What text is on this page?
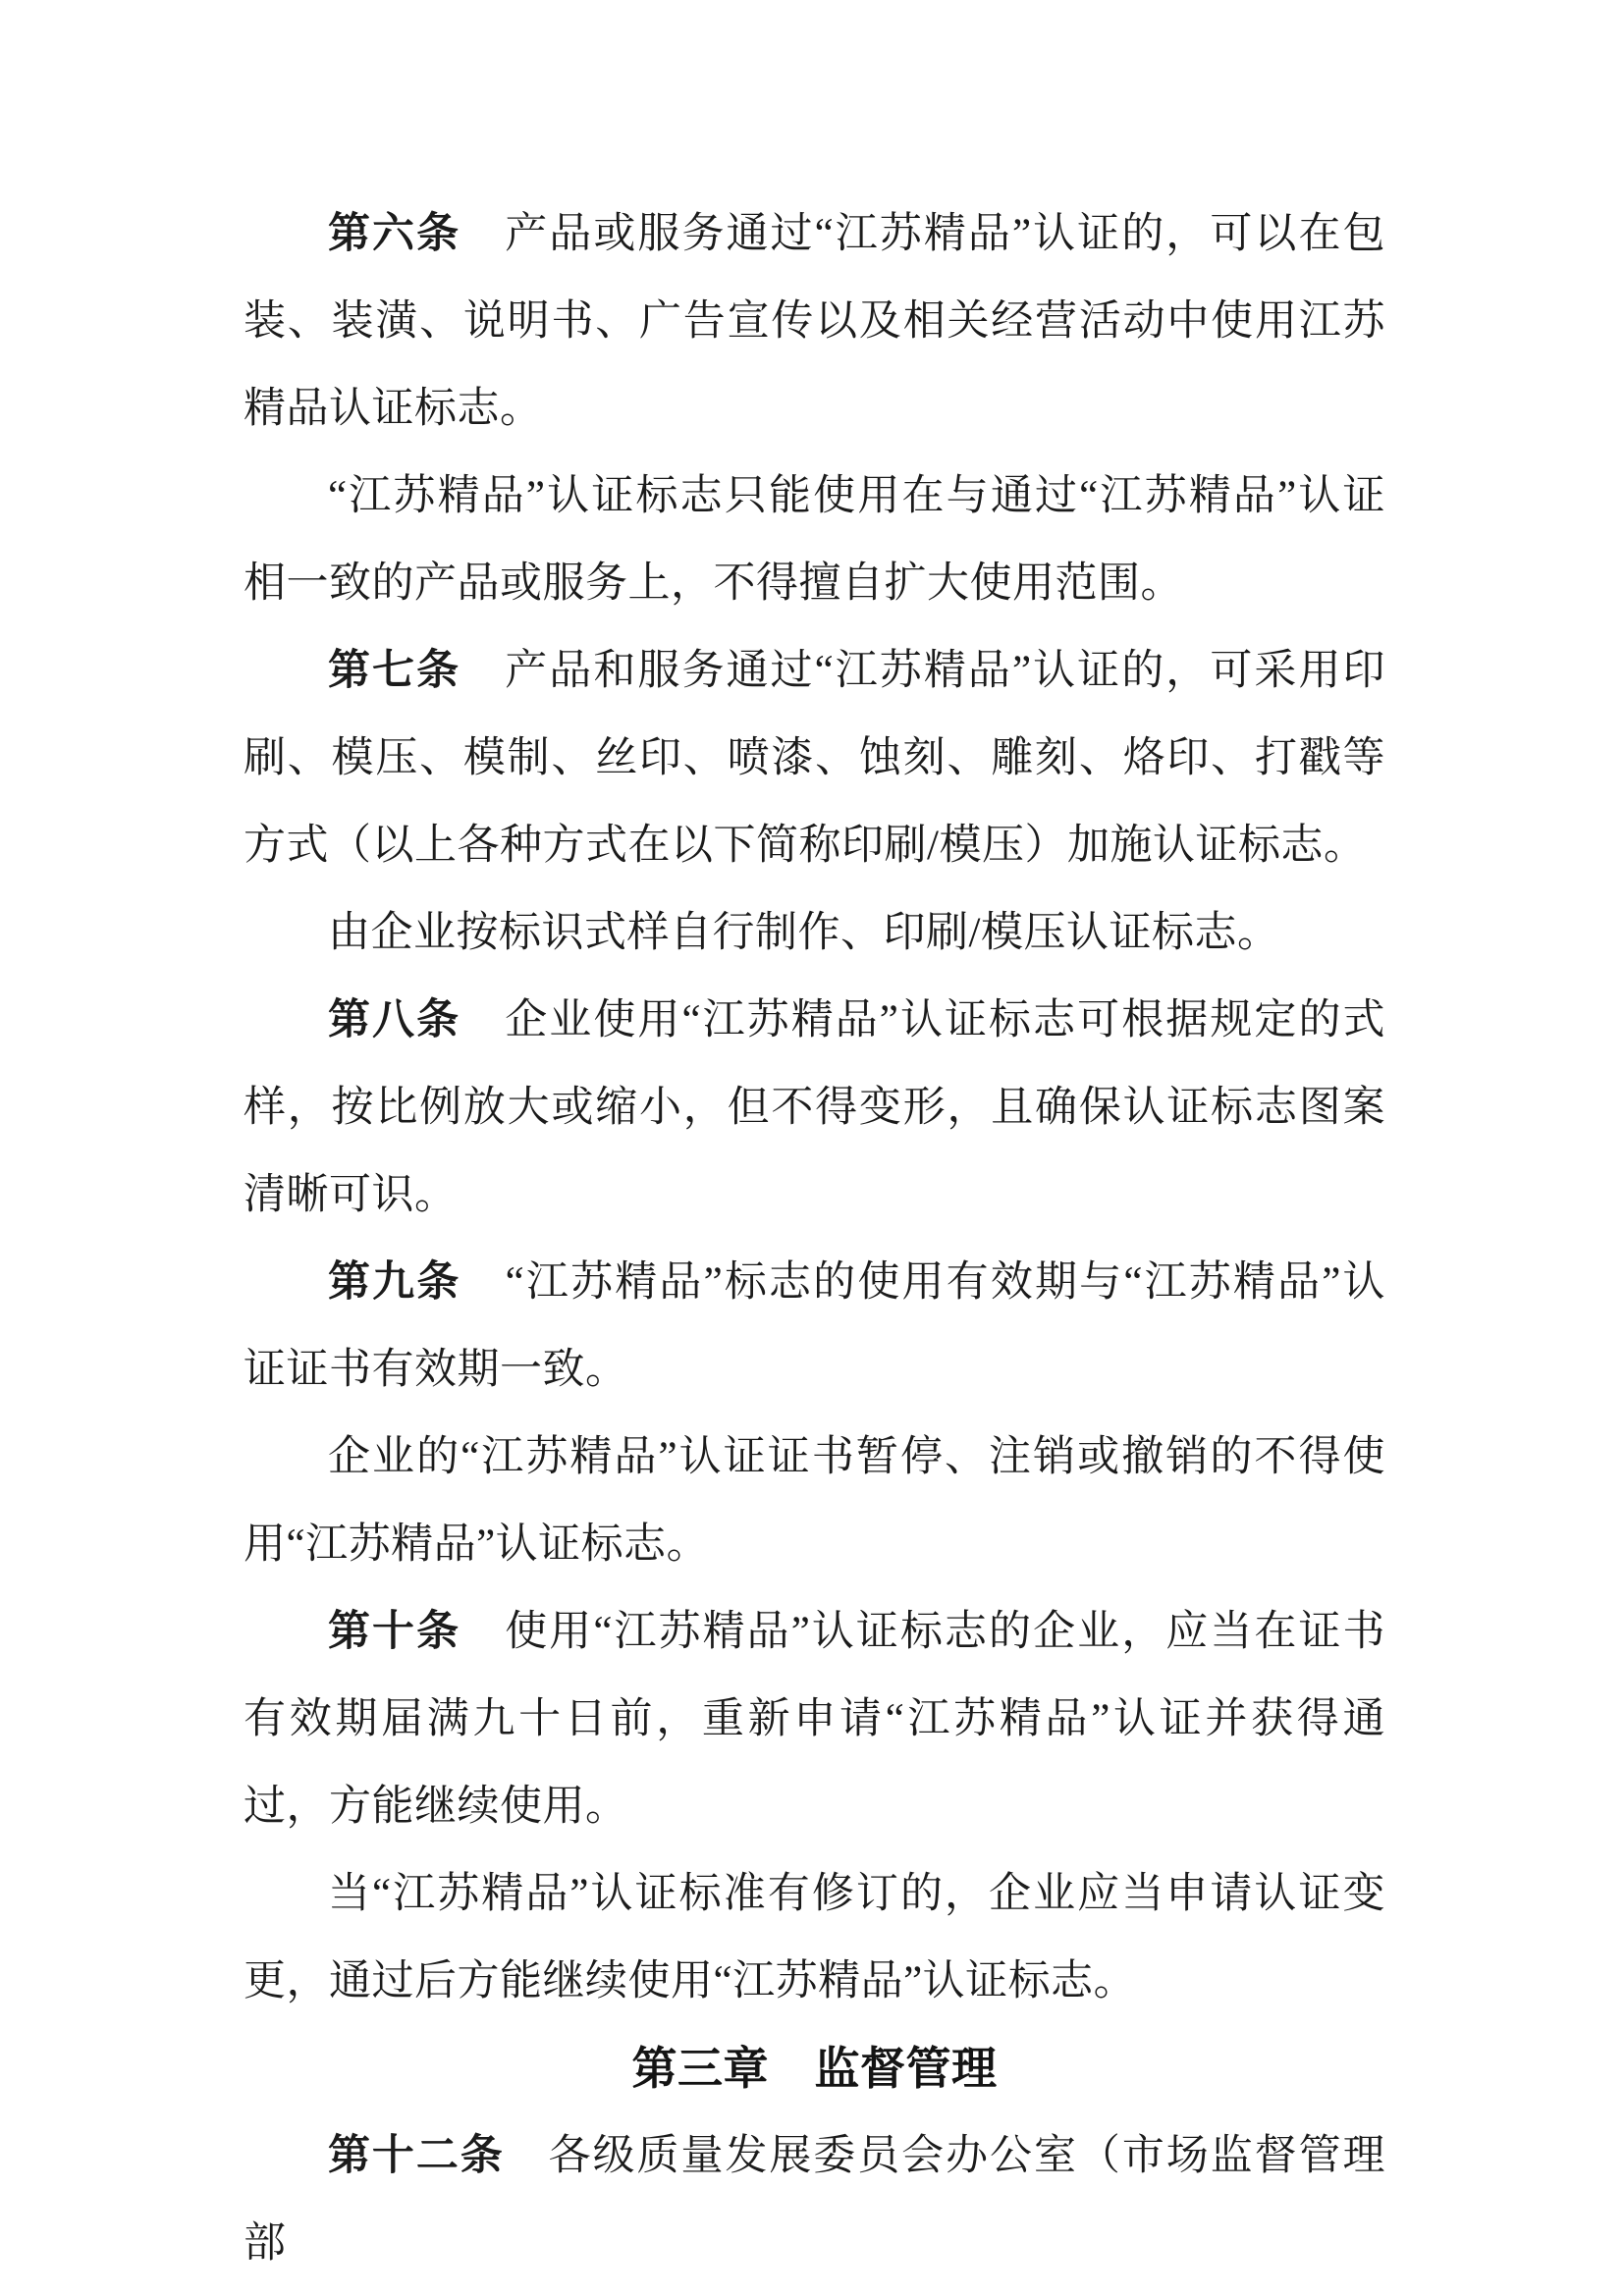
第六条　产品或服务通过“江苏精品”认证的，可以在包装、装潢、说明书、广告宣传以及相关经营活动中使用江苏精品认证标志。

“江苏精品”认证标志只能使用在与通过“江苏精品”认证相一致的产品或服务上，不得擅自扩大使用范围。

第七条　产品和服务通过“江苏精品”认证的，可采用印刷、模压、模制、丝印、喷漆、蚀刻、雕刻、烙印、打戳等方式（以上各种方式在以下简称印刷/模压）加施认证标志。

由企业按标识式样自行制作、印刷/模压认证标志。

第八条　企业使用“江苏精品”认证标志可根据规定的式样，按比例放大或缩小，但不得变形，且确保认证标志图案清晰可识。

第九条　“江苏精品”标志的使用有效期与“江苏精品”认证证书有效期一致。

企业的“江苏精品”认证证书暂停、注销或撤销的不得使用“江苏精品”认证标志。

第十条　使用“江苏精品”认证标志的企业，应当在证书有效期届满九十日前，重新申请“江苏精品”认证并获得通过，方能继续使用。

当“江苏精品”认证标准有修订的，企业应当申请认证变更，通过后方能继续使用“江苏精品”认证标志。

第三章　监督管理

第十二条　各级质量发展委员会办公室（市场监督管理部
